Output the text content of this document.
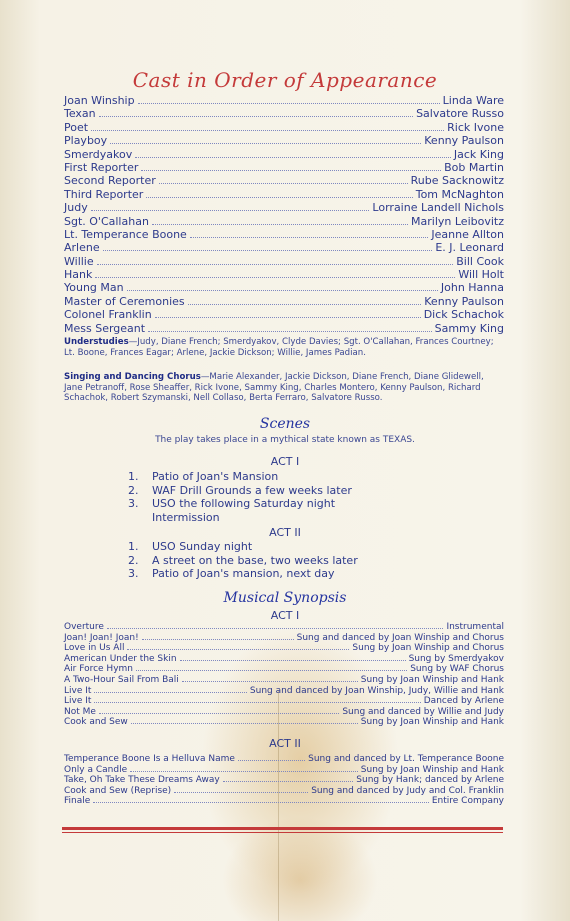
Cast in Order of Appearance
Joan Winship	Linda Ware
Texan	Salvatore Russo
Poet	Rick Ivone
Playboy	Kenny Paulson
Smerdyakov	Jack King
First Reporter	Bob Martin
Second Reporter	Rube Sacknowitz
Third Reporter	Tom McNaghton
Judy	Lorraine Landell Nichols
Sgt. O'Callahan	Marilyn Leibovitz
Lt. Temperance Boone	Jeanne Allton
Arlene	E. J. Leonard
Willie	Bill Cook
Hank	Will Holt
Young Man	John Hanna
Master of Ceremonies	Kenny Paulson
Colonel Franklin	Dick Schachok
Mess Sergeant	Sammy King
Understudies—Judy, Diane French; Smerdyakov, Clyde Davies; Sgt. O'Callahan, Frances Courtney; Lt. Boone, Frances Eagar; Arlene, Jackie Dickson; Willie, James Padian.
Singing and Dancing Chorus—Marie Alexander, Jackie Dickson, Diane French, Diane Glidewell, Jane Petranoff, Rose Sheaffer, Rick Ivone, Sammy King, Charles Montero, Kenny Paulson, Richard Schachok, Robert Szymanski, Nell Collaso, Berta Ferraro, Salvatore Russo.
Scenes
The play takes place in a mythical state known as TEXAS.
ACT I
1. Patio of Joan's Mansion
2. WAF Drill Grounds a few weeks later
3. USO the following Saturday night
Intermission
ACT II
1. USO Sunday night
2. A street on the base, two weeks later
3. Patio of Joan's mansion, next day
Musical Synopsis
ACT I
Overture	Instrumental
Joan! Joan! Joan!	Sung and danced by Joan Winship and Chorus
Love in Us All	Sung by Joan Winship and Chorus
American Under the Skin	Sung by Smerdyakov
Air Force Hymn	Sung by WAF Chorus
A Two-Hour Sail From Bali	Sung by Joan Winship and Hank
Live It	Sung and danced by Joan Winship, Judy, Willie and Hank
Live It	Danced by Arlene
Not Me	Sung and danced by Willie and Judy
Cook and Sew	Sung by Joan Winship and Hank
ACT II
Temperance Boone Is a Helluva Name	Sung and danced by Lt. Temperance Boone
Only a Candle	Sung by Joan Winship and Hank
Take, Oh Take These Dreams Away	Sung by Hank; danced by Arlene
Cook and Sew (Reprise)	Sung and danced by Judy and Col. Franklin
Finale	Entire Company
